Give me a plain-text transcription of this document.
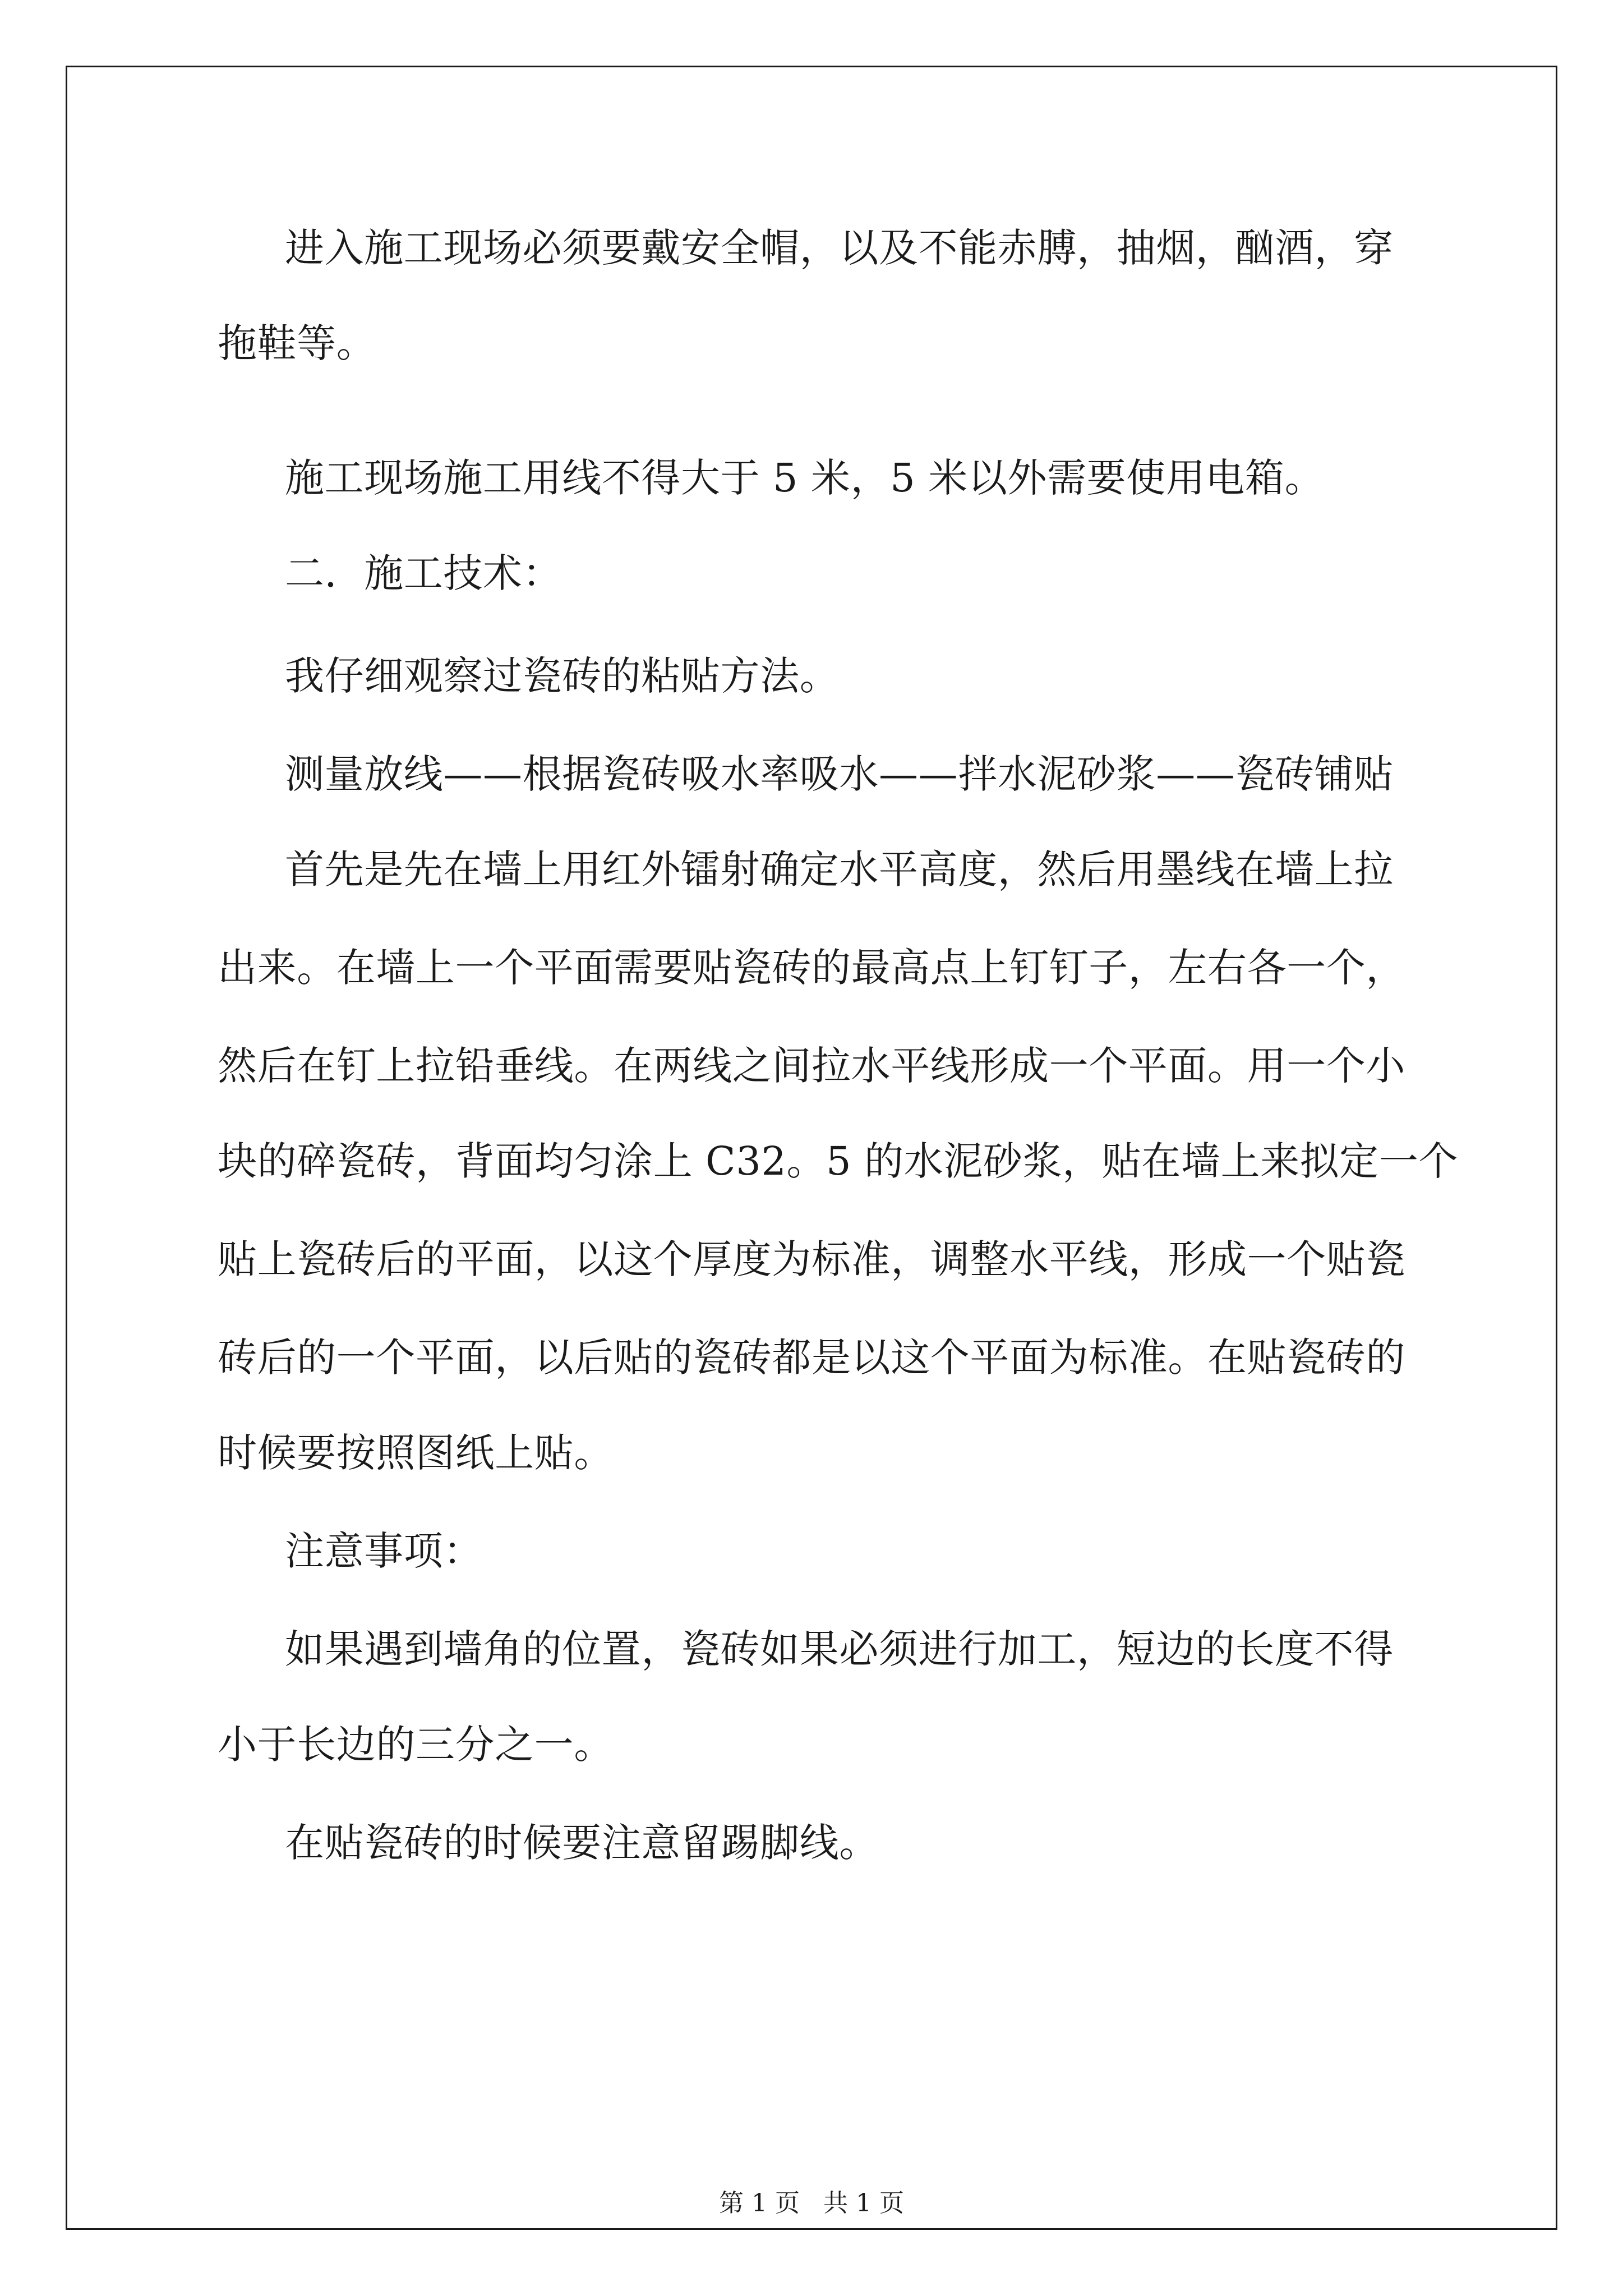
进入施工现场必须要戴安全帽，以及不能赤膊，抽烟，酗酒，穿
拖鞋等。
施工现场施工用线不得大于 5 米，5 米以外需要使用电箱。
二．施工技术：
我仔细观察过瓷砖的粘贴方法。
测量放线——根据瓷砖吸水率吸水——拌水泥砂浆——瓷砖铺贴
首先是先在墙上用红外镭射确定水平高度，然后用墨线在墙上拉
出来。在墙上一个平面需要贴瓷砖的最高点上钉钉子，左右各一个，
然后在钉上拉铅垂线。在两线之间拉水平线形成一个平面。用一个小
块的碎瓷砖，背面均匀涂上 C32。5 的水泥砂浆，贴在墙上来拟定一个
贴上瓷砖后的平面，以这个厚度为标准，调整水平线，形成一个贴瓷
砖后的一个平面，以后贴的瓷砖都是以这个平面为标准。在贴瓷砖的
时候要按照图纸上贴。
注意事项：
如果遇到墙角的位置，瓷砖如果必须进行加工，短边的长度不得
小于长边的三分之一。
在贴瓷砖的时候要注意留踢脚线。
第 1 页   共 1 页
